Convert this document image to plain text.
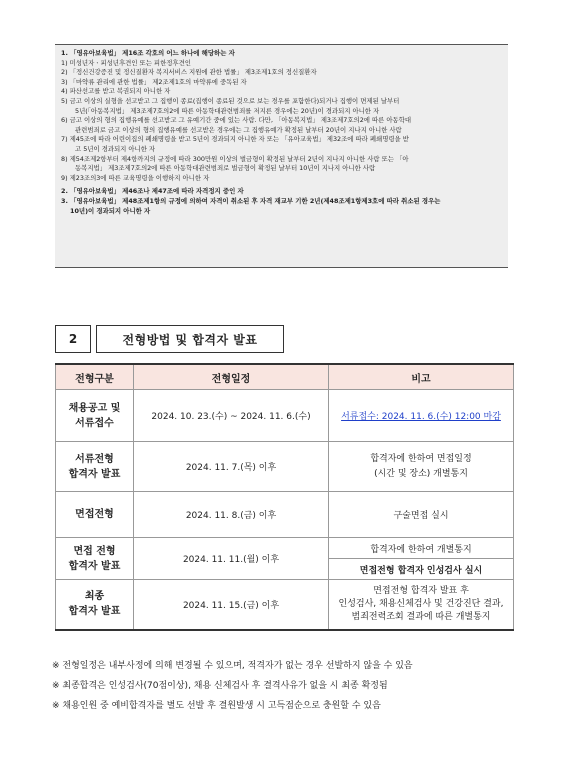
1. 「영유아보육법」 제16조 각호의 어느 하나에 해당하는 자
1) 미성년자ㆍ피성년후견인 또는 피한정후견인
2) 「정신건강증진 및 정신질환자 복지서비스 지원에 관한 법률」 제3조제1호의 정신질환자
3) 「마약류 관리에 관한 법률」 제2조제1호의 마약류에 중독된 자
4) 파산선고를 받고 복권되지 아니한 자
5) 금고 이상의 실형을 선고받고 그 집행이 종료(집행이 종료된 것으로 보는 경우를 포함한다)되거나 집행이 면제된 날부터
5년(「아동복지법」 제3조제7호의2에 따른 아동학대관련범죄를 저지른 경우에는 20년)이 경과되지 아니한 자
6) 금고 이상의 형의 집행유예를 선고받고 그 유예기간 중에 있는 사람. 다만, 「아동복지법」 제3조제7호의2에 따른 아동학대
관련범죄로 금고 이상의 형의 집행유예를 선고받은 경우에는 그 집행유예가 확정된 날부터 20년이 지나지 아니한 사람
7) 제45조에 따라 어린이집의 폐쇄명령을 받고 5년이 경과되지 아니한 자 또는 「유아교육법」 제32조에 따라 폐쇄명령을 받
고 5년이 경과되지 아니한 자
8) 제54조제2항부터 제4항까지의 규정에 따라 300만원 이상의 벌금형이 확정된 날부터 2년이 지나지 아니한 사람 또는 「아
동복지법」 제3조제7호의2에 따른 아동학대관련범죄로 벌금형이 확정된 날부터 10년이 지나지 아니한 사람
9) 제23조의3에 따른 교육명령을 이행하지 아니한 자
2. 「영유아보육법」 제46조나 제47조에 따라 자격정지 중인 자
3. 「영유아보육법」 제48조제1항의 규정에 의하여 자격이 취소된 후 자격 재교부 기한 2년(제48조제1항제3호에 따라 취소된 경우는
10년)이 경과되지 아니한 자
2	전형방법 및 합격자 발표
전형구분	전형일정	비고
채용공고 및
서류접수	2024. 10. 23.(수) ~ 2024. 11. 6.(수)	서류접수: 2024. 11. 6.(수) 12:00 마감
서류전형
합격자 발표	2024. 11. 7.(목) 이후	합격자에 한하여 면접일정
(시간 및 장소) 개별통지
면접전형	2024. 11. 8.(금) 이후	구술면접 실시
면접 전형
합격자 발표	2024. 11. 11.(월) 이후	합격자에 한하여 개별통지
		면접전형 합격자 인성검사 실시
최종
합격자 발표	2024. 11. 15.(금) 이후	면접전형 합격자 발표 후
인성검사, 채용신체검사 및 건강진단 결과,
범죄전력조회 결과에 따른 개별통지
※ 전형일정은 내부사정에 의해 변경될 수 있으며, 적격자가 없는 경우 선발하지 않을 수 있음
※ 최종합격은 인성검사(70점이상), 채용 신체검사 후 결격사유가 없을 시 최종 확정됨
※ 채용인원 중 예비합격자를 별도 선발 후 결원발생 시 고득점순으로 충원할 수 있음
